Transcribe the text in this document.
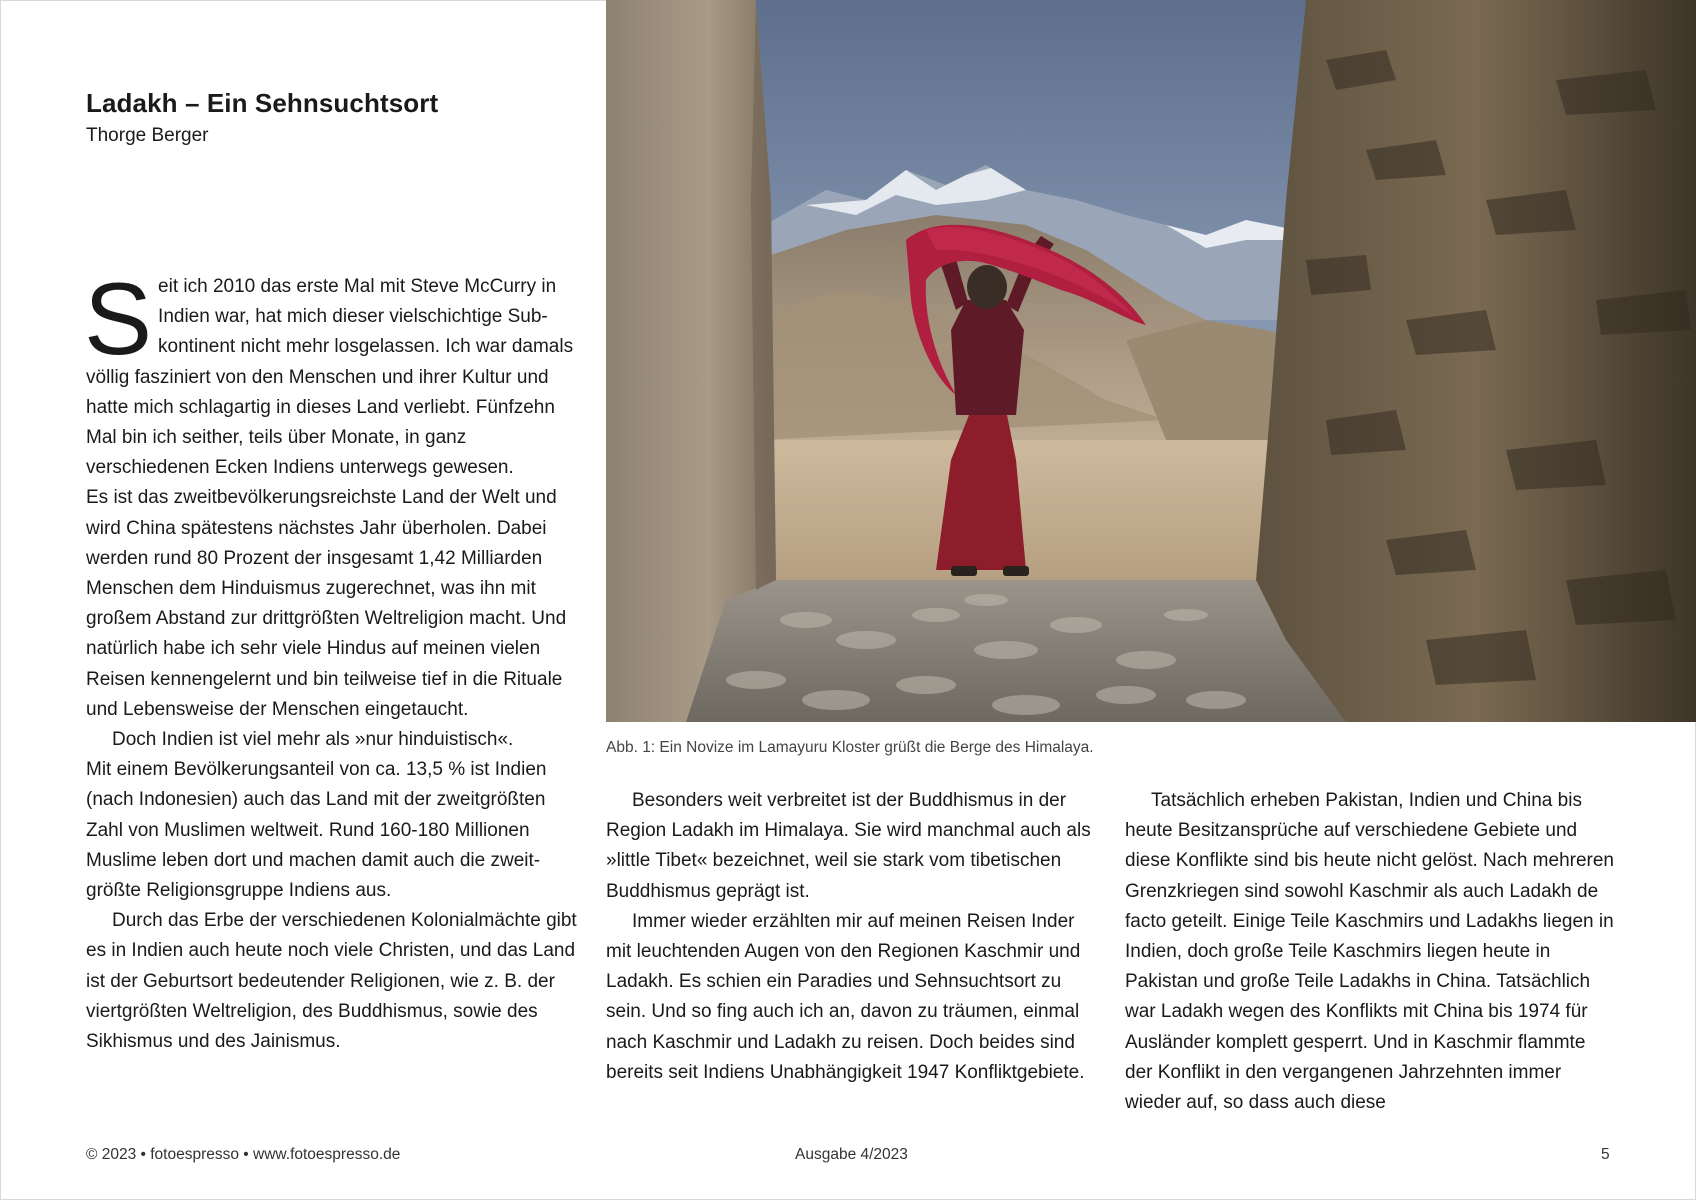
Ladakh – Ein Sehnsuchtsort

Thorge Berger

Seit ich 2010 das erste Mal mit Steve McCurry in Indien war, hat mich dieser vielschichtige Subkontinent nicht mehr losgelassen. Ich war damals völlig fasziniert von den Menschen und ihrer Kultur und hatte mich schlagartig in dieses Land verliebt. Fünfzehn Mal bin ich seither, teils über Monate, in ganz verschiedenen Ecken Indiens unterwegs gewesen.

Es ist das zweitbevölkerungsreichste Land der Welt und wird China spätestens nächstes Jahr überholen. Dabei werden rund 80 Prozent der insgesamt 1,42 Milliarden Menschen dem Hinduismus zugerechnet, was ihn mit großem Abstand zur drittgrößten Weltreligion macht. Und natürlich habe ich sehr viele Hindus auf meinen vielen Reisen kennengelernt und bin teilweise tief in die Rituale und Lebensweise der Menschen eingetaucht.

Doch Indien ist viel mehr als »nur hinduistisch«.

Mit einem Bevölkerungsanteil von ca. 13,5 % ist Indien (nach Indonesien) auch das Land mit der zweitgrößten Zahl von Muslimen weltweit. Rund 160-180 Millionen Muslime leben dort und machen damit auch die zweitgrößte Religionsgruppe Indiens aus.

Durch das Erbe der verschiedenen Kolonialmächte gibt es in Indien auch heute noch viele Christen, und das Land ist der Geburtsort bedeutender Religionen, wie z. B. der viertgrößten Weltreligion, des Buddhismus, sowie des Sikhismus und des Jainismus.

Abb. 1: Ein Novize im Lamayuru Kloster grüßt die Berge des Himalaya.

Besonders weit verbreitet ist der Buddhismus in der Region Ladakh im Himalaya. Sie wird manchmal auch als »little Tibet« bezeichnet, weil sie stark vom tibetischen Buddhismus geprägt ist.

Immer wieder erzählten mir auf meinen Reisen Inder mit leuchtenden Augen von den Regionen Kaschmir und Ladakh. Es schien ein Paradies und Sehnsuchtsort zu sein. Und so fing auch ich an, davon zu träumen, einmal nach Kaschmir und Ladakh zu reisen. Doch beides sind bereits seit Indiens Unabhängigkeit 1947 Konfliktgebiete.

Tatsächlich erheben Pakistan, Indien und China bis heute Besitzansprüche auf verschiedene Gebiete und diese Konflikte sind bis heute nicht gelöst. Nach mehreren Grenzkriegen sind sowohl Kaschmir als auch Ladakh de facto geteilt. Einige Teile Kaschmirs und Ladakhs liegen in Indien, doch große Teile Kaschmirs liegen heute in Pakistan und große Teile Ladakhs in China. Tatsächlich war Ladakh wegen des Konflikts mit China bis 1974 für Ausländer komplett gesperrt. Und in Kaschmir flammte der Konflikt in den vergangenen Jahrzehnten immer wieder auf, so dass auch diese

© 2023 • fotoespresso • www.fotoespresso.de	Ausgabe 4/2023	5
